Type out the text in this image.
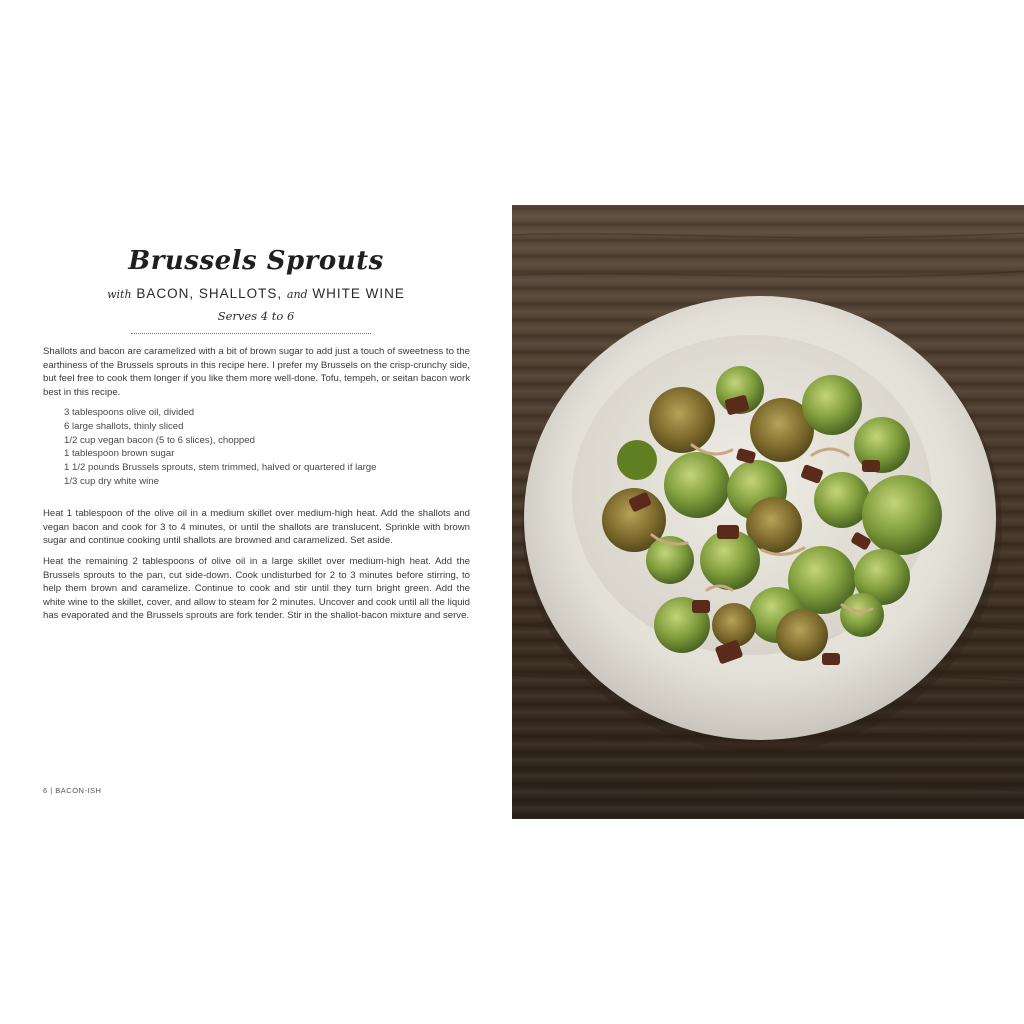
Brussels Sprouts
with BACON, SHALLOTS, and WHITE WINE
Serves 4 to 6

Shallots and bacon are caramelized with a bit of brown sugar to add just a touch of sweetness to the earthiness of the Brussels sprouts in this recipe here. I prefer my Brussels on the crisp-crunchy side, but feel free to cook them longer if you like them more well-done. Tofu, tempeh, or seitan bacon work best in this recipe.

3 tablespoons olive oil, divided
6 large shallots, thinly sliced
1/2 cup vegan bacon (5 to 6 slices), chopped
1 tablespoon brown sugar
1 1/2 pounds Brussels sprouts, stem trimmed, halved or quartered if large
1/3 cup dry white wine

Heat 1 tablespoon of the olive oil in a medium skillet over medium-high heat. Add the shallots and vegan bacon and cook for 3 to 4 minutes, or until the shallots are translucent. Sprinkle with brown sugar and continue cooking until shallots are browned and caramelized. Set aside.

Heat the remaining 2 tablespoons of olive oil in a large skillet over medium-high heat. Add the Brussels sprouts to the pan, cut side-down. Cook undisturbed for 2 to 3 minutes before stirring, to help them brown and caramelize. Continue to cook and stir until they turn bright green. Add the white wine to the skillet, cover, and allow to steam for 2 minutes. Uncover and cook until all the liquid has evaporated and the Brussels sprouts are fork tender. Stir in the shallot-bacon mixture and serve.

6 | BACON-ISH
